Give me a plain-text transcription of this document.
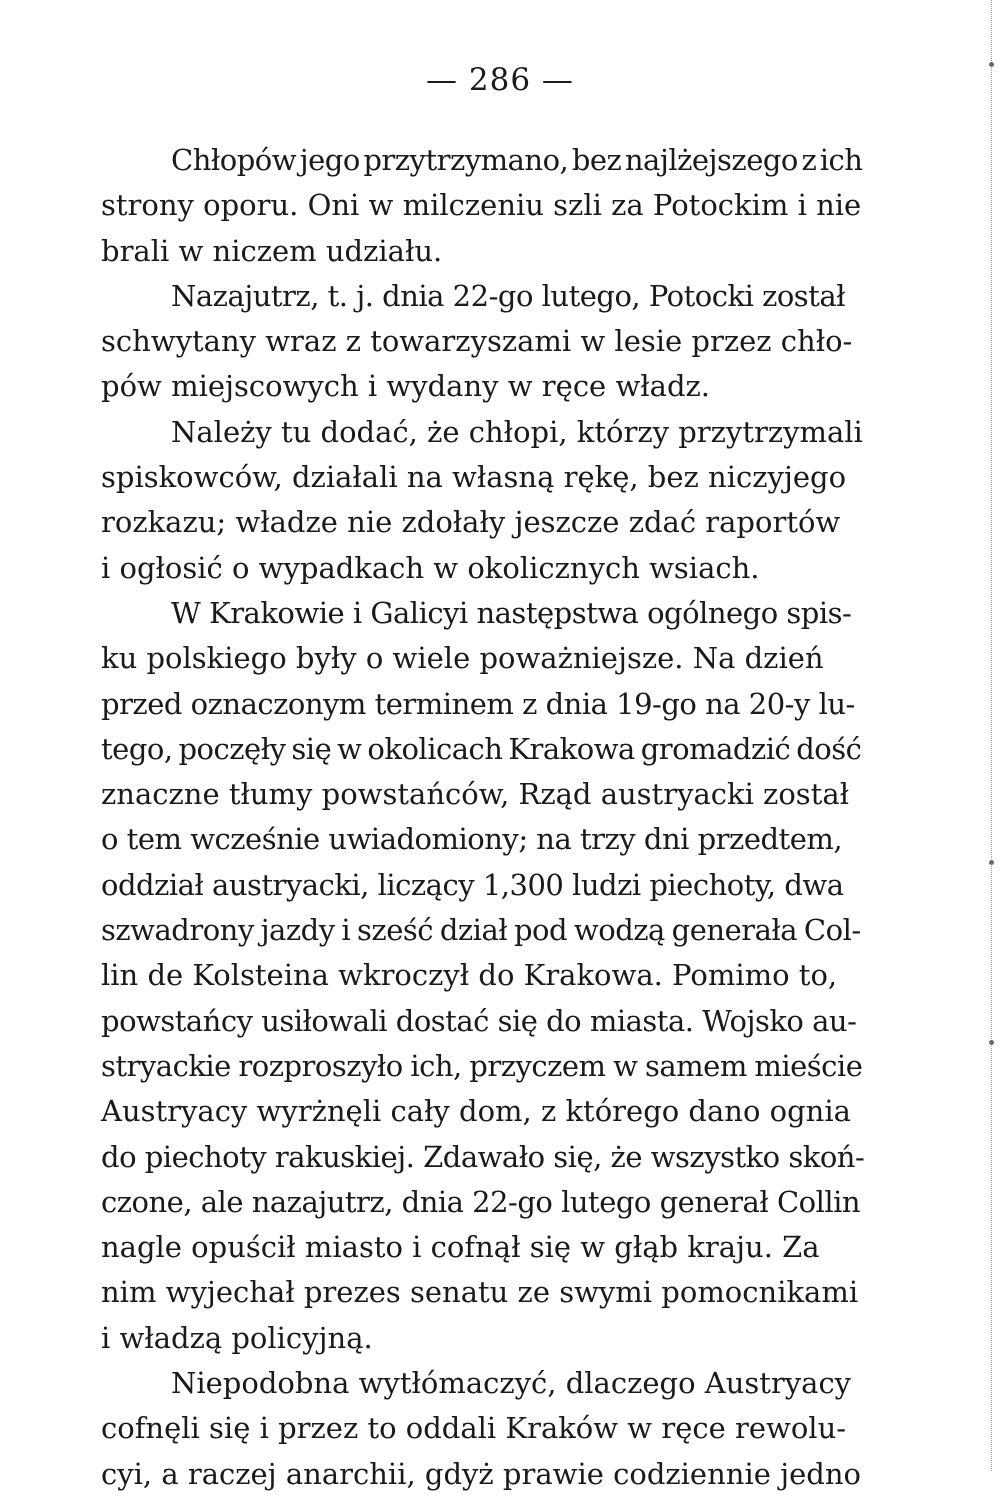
— 286 —
Chłopów jego przytrzymano, bez najlżejszego z ich
strony oporu. Oni w milczeniu szli za Potockim i nie
brali w niczem udziału.
Nazajutrz, t. j. dnia 22-go lutego, Potocki został
schwytany wraz z towarzyszami w lesie przez chło-
pów miejscowych i wydany w ręce władz.
Należy tu dodać, że chłopi, którzy przytrzymali
spiskowców, działali na własną rękę, bez niczyjego
rozkazu; władze nie zdołały jeszcze zdać raportów
i ogłosić o wypadkach w okolicznych wsiach.
W Krakowie i Galicyi następstwa ogólnego spis-
ku polskiego były o wiele poważniejsze. Na dzień
przed oznaczonym terminem z dnia 19-go na 20-y lu-
tego, poczęły się w okolicach Krakowa gromadzić dość
znaczne tłumy powstańców, Rząd austryacki został
o tem wcześnie uwiadomiony; na trzy dni przedtem,
oddział austryacki, liczący 1,300 ludzi piechoty, dwa
szwadrony jazdy i sześć dział pod wodzą generała Col-
lin de Kolsteina wkroczył do Krakowa. Pomimo to,
powstańcy usiłowali dostać się do miasta. Wojsko au-
stryackie rozproszyło ich, przyczem w samem mieście
Austryacy wyrżnęli cały dom, z którego dano ognia
do piechoty rakuskiej. Zdawało się, że wszystko skoń-
czone, ale nazajutrz, dnia 22-go lutego generał Collin
nagle opuścił miasto i cofnął się w głąb kraju. Za
nim wyjechał prezes senatu ze swymi pomocnikami
i władzą policyjną.
Niepodobna wytłómaczyć, dlaczego Austryacy
cofnęli się i przez to oddali Kraków w ręce rewolu-
cyi, a raczej anarchii, gdyż prawie codziennie jedno
